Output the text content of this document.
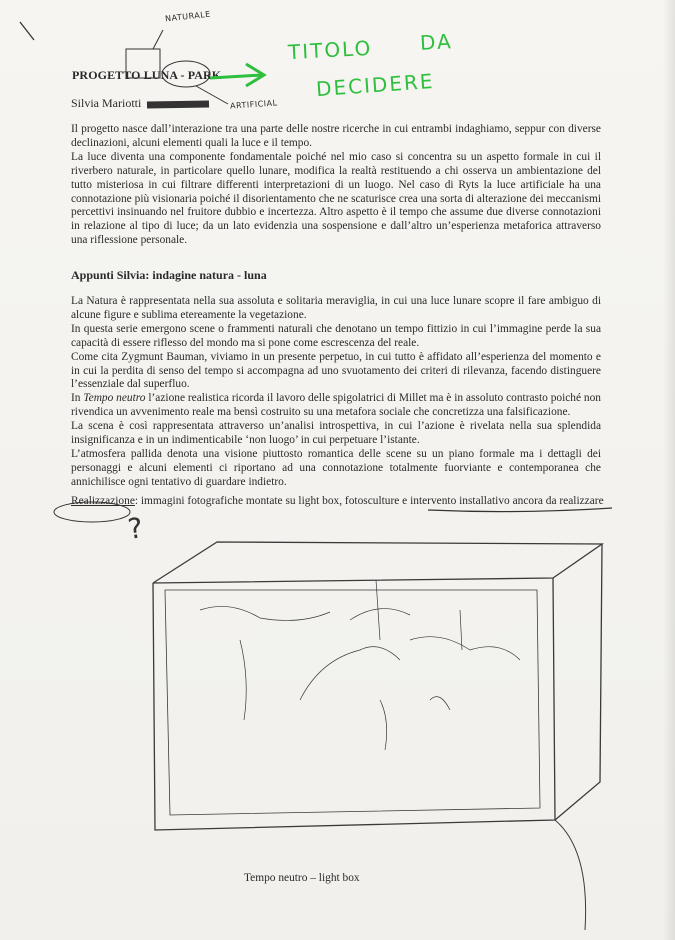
PROGETTO LUNA - PARK
Silvia Mariotti

Il progetto nasce dall’interazione tra una parte delle nostre ricerche in cui entrambi indaghiamo, seppur con diverse declinazioni, alcuni elementi quali la luce e il tempo.

La luce diventa una componente fondamentale poiché nel mio caso si concentra su un aspetto formale in cui il riverbero naturale, in particolare quello lunare, modifica la realtà restituendo a chi osserva un ambientazione del tutto misteriosa in cui filtrare differenti interpretazioni di un luogo. Nel caso di Ryts la luce artificiale ha una connotazione più visionaria poiché il disorientamento che ne scaturisce crea una sorta di alterazione dei meccanismi percettivi insinuando nel fruitore dubbio e incertezza. Altro aspetto è il tempo che assume due diverse connotazioni in relazione al tipo di luce; da un lato evidenzia una sospensione e dall’altro un’esperienza metaforica attraverso una riflessione personale.

Appunti Silvia: indagine natura - luna

La Natura è rappresentata nella sua assoluta e solitaria meraviglia, in cui una luce lunare scopre il fare ambiguo di alcune figure e sublima etereamente la vegetazione.

In questa serie emergono scene o frammenti naturali che denotano un tempo fittizio in cui l’immagine perde la sua capacità di essere riflesso del mondo ma si pone come escrescenza del reale.

Come cita Zygmunt Bauman, viviamo in un presente perpetuo, in cui tutto è affidato all’esperienza del momento e in cui la perdita di senso del tempo si accompagna ad uno svuotamento dei criteri di rilevanza, facendo distinguere l’essenziale dal superfluo.

In Tempo neutro l’azione realistica ricorda il lavoro delle spigolatrici di Millet ma è in assoluto contrasto poiché non rivendica un avvenimento reale ma bensì costruito su una metafora sociale che concretizza una falsificazione.

La scena è così rappresentata attraverso un’analisi introspettiva, in cui l’azione è rivelata nella sua splendida insignificanza e in un indimenticabile ‘non luogo’ in cui perpetuare l’istante.

L’atmosfera pallida denota una visione piuttosto romantica delle scene su un piano formale ma i dettagli dei personaggi e alcuni elementi ci riportano ad una connotazione totalmente fuorviante e contemporanea che annichilisce ogni tentativo di guardare indietro.

Realizzazione: immagini fotografiche montate su light box, fotosculture e intervento installativo ancora da realizzare
Tempo neutro – light box
NATURALE
ARTIFICIAL
TITOLO DA
DECIDERE
?
